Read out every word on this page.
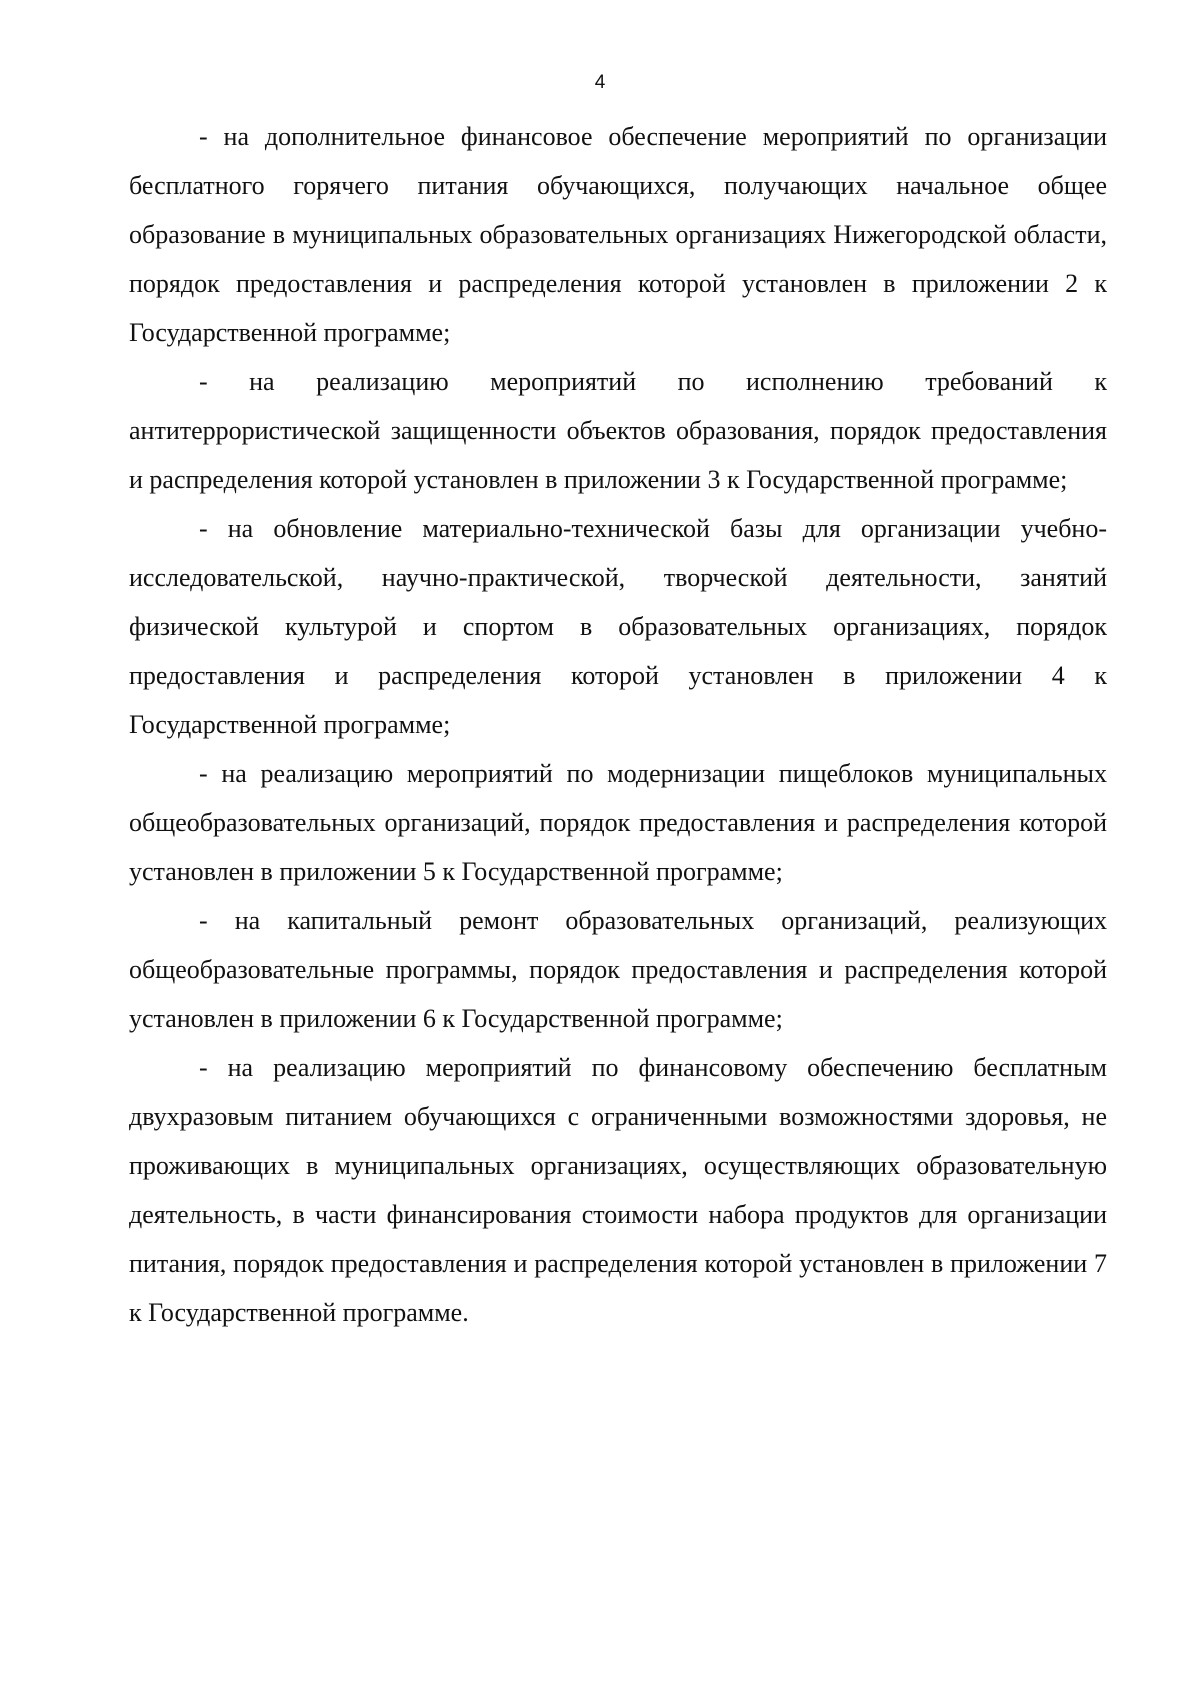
4

- на дополнительное финансовое обеспечение мероприятий по организации бесплатного горячего питания обучающихся, получающих начальное общее образование в муниципальных образовательных организациях Нижегородской области, порядок предоставления и распределения которой установлен в приложении 2 к Государственной программе;

- на реализацию мероприятий по исполнению требований к антитеррористической защищенности объектов образования, порядок предоставления и распределения которой установлен в приложении 3 к Государственной программе;

- на обновление материально-технической базы для организации учебно-исследовательской, научно-практической, творческой деятельности, занятий физической культурой и спортом в образовательных организациях, порядок предоставления и распределения которой установлен в приложении 4 к Государственной программе;

- на реализацию мероприятий по модернизации пищеблоков муниципальных общеобразовательных организаций, порядок предоставления и распределения которой установлен в приложении 5 к Государственной программе;

- на капитальный ремонт образовательных организаций, реализующих общеобразовательные программы, порядок предоставления и распределения которой установлен в приложении 6 к Государственной программе;

- на реализацию мероприятий по финансовому обеспечению бесплатным двухразовым питанием обучающихся с ограниченными возможностями здоровья, не проживающих в муниципальных организациях, осуществляющих образовательную деятельность, в части финансирования стоимости набора продуктов для организации питания, порядок предоставления и распределения которой установлен в приложении 7 к Государственной программе.
